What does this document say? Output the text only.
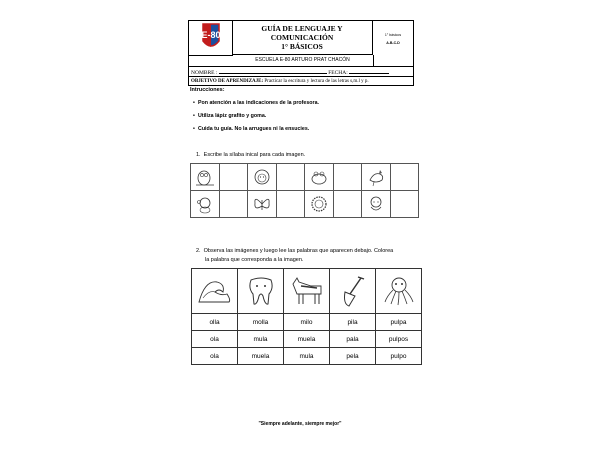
E-80
GUÍA DE LENGUAJE Y COMUNICACIÓN
1° BÁSICOS
1° básicos
A-B-C-D
ESCUELA E-80 ARTURO PRAT CHACÓN
NOMBRE :	FECHA:
OBJETIVO DE APRENDIZAJE: Practicar la escritura y lectura de las letras s,m.l y p.
Intrucciones:
• Pon atención a las indicaciones de la profesora.
• Utiliza lápiz grafito y goma.
• Cuida tu guía. No la arrugues ni la ensucies.
1. Escribe la sílaba inical para cada imagen.

2. Observa las imágenes y luego lee las palabras que aparecen debajo. Colorea
la palabra que corresponda a la imagen.

olla	molla	milo	pila	pulpa
ola	mula	muela	pala	pulpos
ola	muela	mula	pela	pulpo
"Siempre adelante, siempre mejor"
